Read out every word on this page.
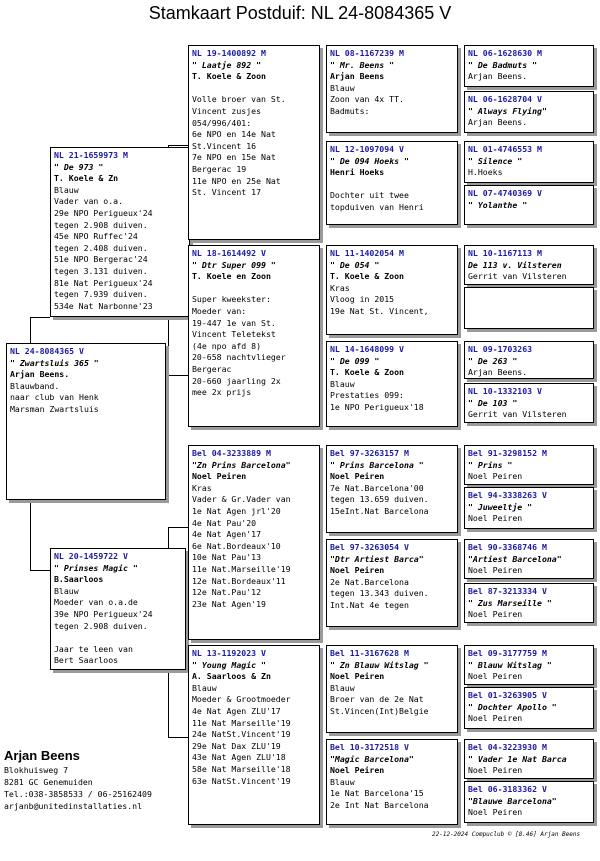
Stamkaart Postduif: NL 24-8084365 V
NL 24-8084365 V
" Zwartsluis 365 "
Arjan Beens.
Blauwband.
naar club van Henk
Marsman Zwartsluis
NL 21-1659973 M
" De 973 "
T. Koele & Zn
Blauw
Vader van o.a.
29e NPO Perigueux'24
tegen 2.908 duiven.
45e NPO Ruffec'24
tegen 2.408 duiven.
51e NPO Bergerac'24
tegen 3.131 duiven.
81e Nat Perigueux'24
tegen 7.939 duiven.
534e Nat Narbonne'23
NL 20-1459722 V
" Prinses Magic "
B.Saarloos
Blauw
Moeder van o.a.de
39e NPO Perigueux'24
tegen 2.908 duiven.
Jaar te leen van
Bert Saarloos
NL 19-1400892 M
" Laatje 892 "
T. Koele & Zoon
Volle broer van St.
Vincent zusjes
054/996/401:
6e NPO en 14e Nat
St.Vincent 16
7e NPO en 15e Nat
Bergerac 19
11e NPO en 25e Nat
St. Vincent 17
NL 18-1614492 V
" Dtr Super 099 "
T. Koele en Zoon
Super kweekster:
Moeder van:
19-447 1e van St.
Vincent Teletekst
(4e npo afd 8)
20-658 nachtvlieger
Bergerac
20-660 jaarling 2x
mee 2x prijs
Bel 04-3233889 M
"Zn Prins Barcelona"
Noel Peiren
Kras
Vader & Gr.Vader van
1e Nat Agen jrl'20
4e Nat Pau'20
4e Nat Agen'17
6e Nat.Bordeaux'10
10e Nat Pau'13
11e Nat.Marseille'19
12e Nat.Bordeaux'11
12e Nat.Pau'12
23e Nat Agen'19
NL 13-1192023 V
" Young Magic "
A. Saarloos & Zn
Blauw
Moeder & Grootmoeder
4e Nat Agen ZLU'17
11e Nat Marseille'19
24e NatSt.Vincent'19
29e Nat Dax ZLU'19
43e Nat Agen ZLU'18
58e Nat Marseille'18
63e NatSt.Vincent'19
NL 08-1167239 M
" Mr. Beens "
Arjan Beens
Blauw
Zoon van 4x TT.
Badmuts:
NL 12-1097094 V
" De 094 Hoeks "
Henri Hoeks
Dochter uit twee
topduiven van Henri
NL 11-1402054 M
" De 054 "
T. Koele & Zoon
Kras
Vloog in 2015
19e Nat St. Vincent,
NL 14-1648099 V
" De 099 "
T. Koele & Zoon
Blauw
Prestaties 099:
1e NPO Perigueux'18
Bel 97-3263157 M
" Prins Barcelona "
Noel Peiren
7e Nat.Barcelona'00
tegen 13.659 duiven.
15eInt.Nat Barcelona
Bel 97-3263054 V
"Dtr Artiest Barca"
Noel Peiren
2e Nat.Barcelona
tegen 13.343 duiven.
Int.Nat 4e tegen
Bel 11-3167628 M
" Zn Blauw Witslag "
Noel Peiren
Blauw
Broer van de 2e Nat
St.Vincen(Int)Belgie
Bel 10-3172518 V
"Magic Barcelona"
Noel Peiren
Blauw
1e Nat Barcelona'15
2e Int Nat Barcelona
NL 06-1628630 M
" De Badmuts "
Arjan Beens.
NL 06-1628704 V
" Always Flying"
Arjan Beens.
NL 01-4746553 M
" Silence "
H.Hoeks
NL 07-4740369 V
" Yolanthe "
NL 10-1167113 M
De 113 v. Vilsteren
Gerrit van Vilsteren
NL 09-1703263
" De 263 "
Arjan Beens.
NL 10-1332103 V
" De 103 "
Gerrit van Vilsteren
Bel 91-3298152 M
" Prins "
Noel Peiren
Bel 94-3338263 V
" Juweeltje "
Noel Peiren
Bel 90-3368746 M
"Artiest Barcelona"
Noel Peiren
Bel 87-3213334 V
" Zus Marseille "
Noel Peiren
Bel 09-3177759 M
" Blauw Witslag "
Noel Peiren
Bel 01-3263905 V
" Dochter Apollo "
Noel Peiren
Bel 04-3223930 M
" Vader 1e Nat Barca
Noel Peiren
Bel 06-3183362 V
"Blauwe Barcelona"
Noel Peiren
Arjan Beens
Blokhuisweg 7
8281 GC Genemuiden
Tel.:038-3858533 / 06-25162409
arjanb@unitedinstallaties.nl
22-12-2024 Compuclub © [8.46] Arjan Beens
